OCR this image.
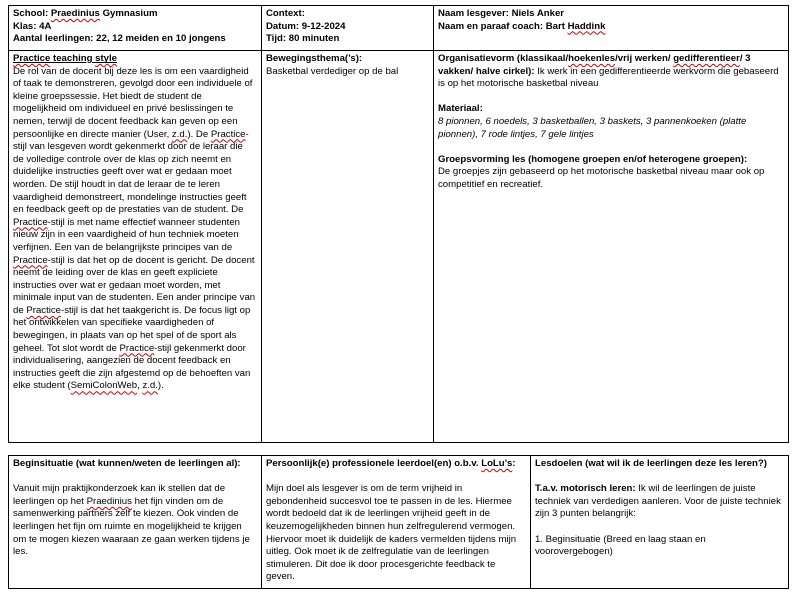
School: Praedinius Gymnasium
Klas: 4A
Aantal leerlingen: 22, 12 meiden en 10 jongens
Context:
Datum: 9-12-2024
Tijd: 80 minuten
Naam lesgever: Niels Anker
Naam en paraaf coach: Bart Haddink
Practice teaching style
De rol van de docent bij deze les is om een vaardigheid of taak te demonstreren, gevolgd door een individuele of kleine groepssessie. Het biedt de student de mogelijkheid om individueel en privé beslissingen te nemen, terwijl de docent feedback kan geven op een persoonlijke en directe manier (User, z.d.). De Practice-stijl van lesgeven wordt gekenmerkt door de leraar die de volledige controle over de klas op zich neemt en duidelijke instructies geeft over wat er gedaan moet worden. De stijl houdt in dat de leraar de te leren vaardigheid demonstreert, mondelinge instructies geeft en feedback geeft op de prestaties van de student. De Practice-stijl is met name effectief wanneer studenten nieuw zijn in een vaardigheid of hun techniek moeten verfijnen. Een van de belangrijkste principes van de Practice-stijl is dat het op de docent is gericht. De docent neemt de leiding over de klas en geeft expliciete instructies over wat er gedaan moet worden, met minimale input van de studenten. Een ander principe van de Practice-stijl is dat het taakgericht is. De focus ligt op het ontwikkelen van specifieke vaardigheden of bewegingen, in plaats van op het spel of de sport als geheel. Tot slot wordt de Practice-stijl gekenmerkt door individualisering, aangezien de docent feedback en instructies geeft die zijn afgestemd op de behoeften van elke student (SemiColonWeb, z.d.).
Bewegingsthema(’s):
Basketbal verdediger op de bal
Organisatievorm (klassikaal/hoekenles/vrij werken/ gedifferentieer/ 3 vakken/ halve cirkel): Ik werk in een gedifferentieerde werkvorm die gebaseerd is op het motorische basketbal niveau

Materiaal:
8 pionnen, 6 noedels, 3 basketballen, 3 baskets, 3 pannenkoeken (platte pionnen), 7 rode lintjes, 7 gele lintjes

Groepsvorming les (homogene groepen en/of heterogene groepen):
De groepjes zijn gebaseerd op het motorische basketbal niveau maar ook op competitief en recreatief.
Beginsituatie (wat kunnen/weten de leerlingen al):

Vanuit mijn praktijkonderzoek kan ik stellen dat de leerlingen op het Praedinius het fijn vinden om de samenwerking partners zelf te kiezen. Ook vinden de leerlingen het fijn om ruimte en mogelijkheid te krijgen om te mogen kiezen waaraan ze gaan werken tijdens je les.
Persoonlijk(e) professionele leerdoel(en) o.b.v. LoLu’s:

Mijn doel als lesgever is om de term vrijheid in gebondenheid succesvol toe te passen in de les. Hiermee wordt bedoeld dat ik de leerlingen vrijheid geeft in de keuzemogelijkheden binnen hun zelfregulerend vermogen. Hiervoor moet ik duidelijk de kaders vermelden tijdens mijn uitleg. Ook moet ik de zelfregulatie van de leerlingen stimuleren. Dit doe ik door procesgerichte feedback te geven.
Lesdoelen (wat wil ik de leerlingen deze les leren?)

T.a.v. motorisch leren: Ik wil de leerlingen de juiste techniek van verdedigen aanleren. Voor de juiste techniek zijn 3 punten belangrijk:

1. Beginsituatie (Breed en laag staan en voorovergebogen)
